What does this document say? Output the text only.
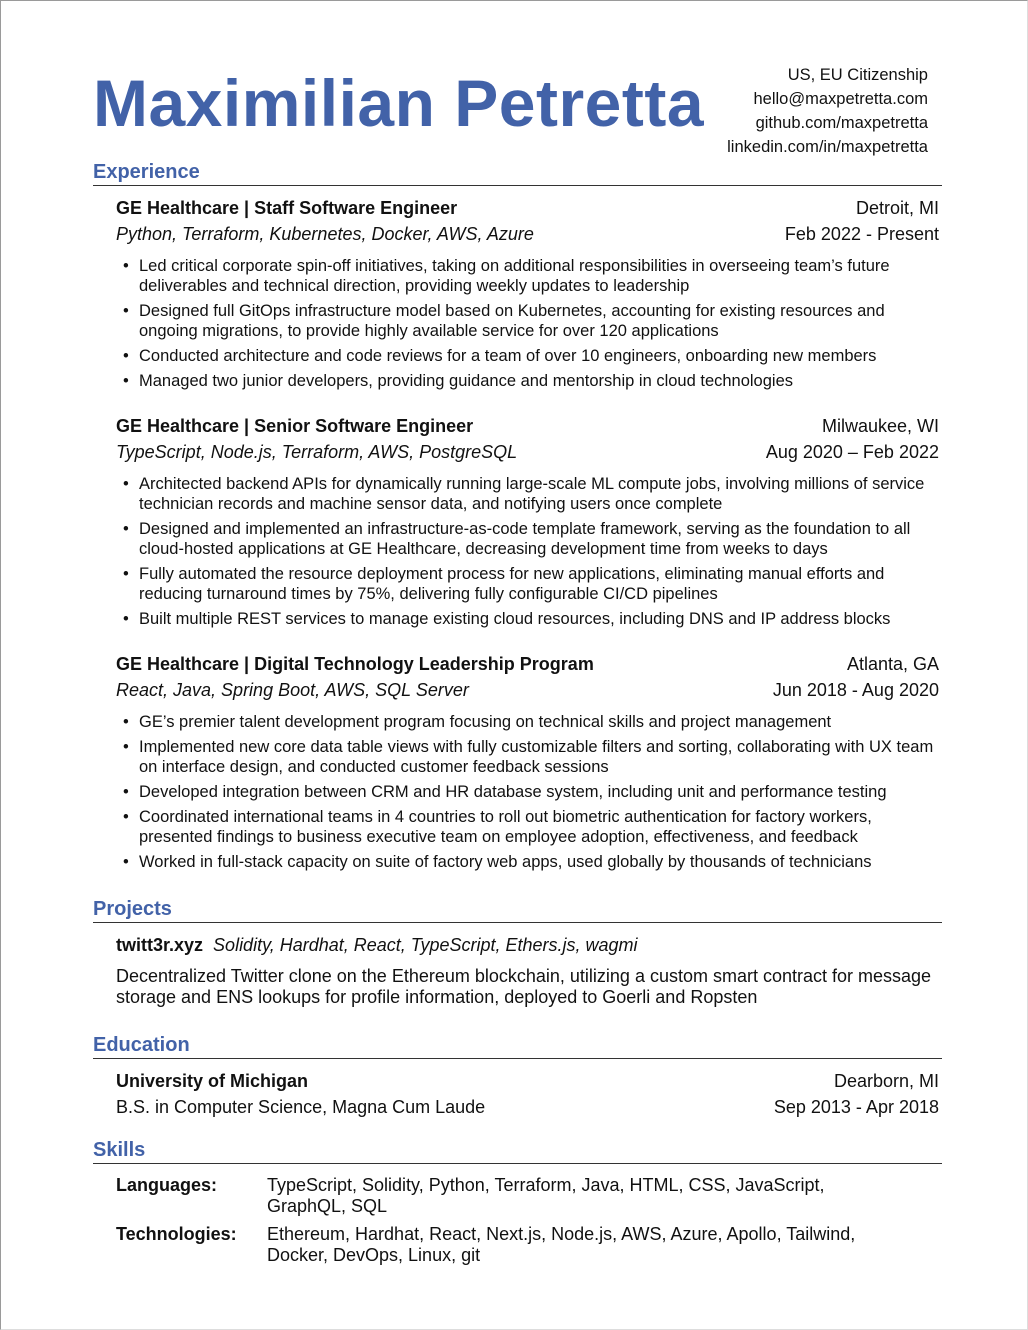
Maximilian Petretta	US, EU Citizenship
hello@maxpetretta.com
github.com/maxpetretta
linkedin.com/in/maxpetretta
Experience
GE Healthcare | Staff Software Engineer	Detroit, MI
Python, Terraform, Kubernetes, Docker, AWS, Azure	Feb 2022 - Present
• Led critical corporate spin-off initiatives, taking on additional responsibilities in overseeing team’s future deliverables and technical direction, providing weekly updates to leadership
• Designed full GitOps infrastructure model based on Kubernetes, accounting for existing resources and ongoing migrations, to provide highly available service for over 120 applications
• Conducted architecture and code reviews for a team of over 10 engineers, onboarding new members
• Managed two junior developers, providing guidance and mentorship in cloud technologies
GE Healthcare | Senior Software Engineer	Milwaukee, WI
TypeScript, Node.js, Terraform, AWS, PostgreSQL	Aug 2020 – Feb 2022
• Architected backend APIs for dynamically running large-scale ML compute jobs, involving millions of service technician records and machine sensor data, and notifying users once complete
• Designed and implemented an infrastructure-as-code template framework, serving as the foundation to all cloud-hosted applications at GE Healthcare, decreasing development time from weeks to days
• Fully automated the resource deployment process for new applications, eliminating manual efforts and reducing turnaround times by 75%, delivering fully configurable CI/CD pipelines
• Built multiple REST services to manage existing cloud resources, including DNS and IP address blocks
GE Healthcare | Digital Technology Leadership Program	Atlanta, GA
React, Java, Spring Boot, AWS, SQL Server	Jun 2018 - Aug 2020
• GE’s premier talent development program focusing on technical skills and project management
• Implemented new core data table views with fully customizable filters and sorting, collaborating with UX team on interface design, and conducted customer feedback sessions
• Developed integration between CRM and HR database system, including unit and performance testing
• Coordinated international teams in 4 countries to roll out biometric authentication for factory workers, presented findings to business executive team on employee adoption, effectiveness, and feedback
• Worked in full-stack capacity on suite of factory web apps, used globally by thousands of technicians
Projects
twitt3r.xyz Solidity, Hardhat, React, TypeScript, Ethers.js, wagmi
Decentralized Twitter clone on the Ethereum blockchain, utilizing a custom smart contract for message storage and ENS lookups for profile information, deployed to Goerli and Ropsten
Education
University of Michigan	Dearborn, MI
B.S. in Computer Science, Magna Cum Laude	Sep 2013 - Apr 2018
Skills
Languages:	TypeScript, Solidity, Python, Terraform, Java, HTML, CSS, JavaScript, GraphQL, SQL
Technologies:	Ethereum, Hardhat, React, Next.js, Node.js, AWS, Azure, Apollo, Tailwind, Docker, DevOps, Linux, git
